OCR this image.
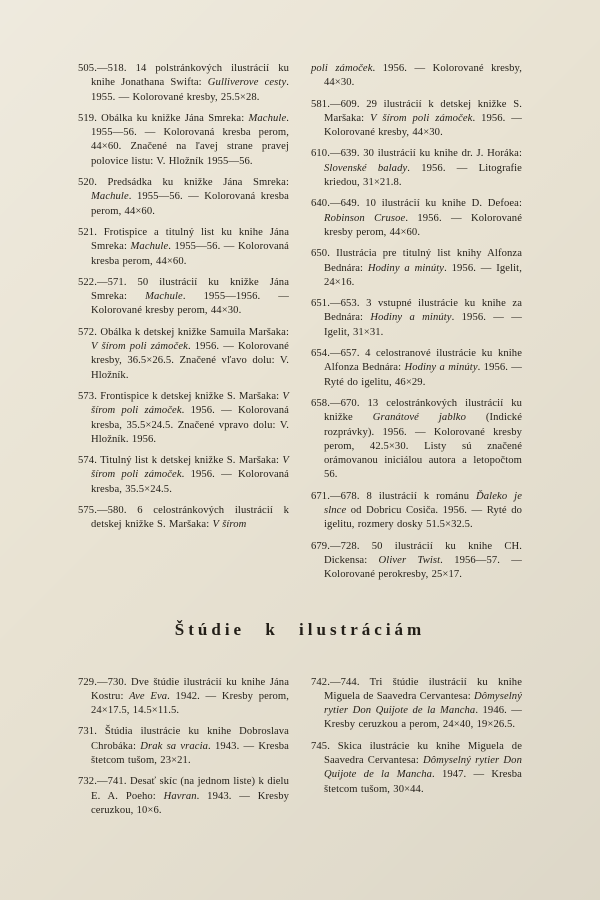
505.—518. 14 polstránkových ilustrácií ku knihe Jonathana Swifta: Gulliverove cesty. 1955. — Kolorované kresby, 25.5×28.

519. Obálka ku knižke Jána Smreka: Machule. 1955—56. — Kolorovaná kresba perom, 44×60. Značené na ľavej strane pravej polovice listu: V. Hložník 1955—56.

520. Predsádka ku knižke Jána Smreka: Machule. 1955—56. — Kolorovaná kresba perom, 44×60.

521. Frotispice a titulný list ku knihe Jána Smreka: Machule. 1955—56. — Kolorovaná kresba perom, 44×60.

522.—571. 50 ilustrácií ku knižke Jána Smreka: Machule. 1955—1956. — Kolorované kresby perom, 44×30.

572. Obálka k detskej knižke Samuila Maršaka: V šírom poli zámoček. 1956. — Kolorované kresby, 36.5×26.5. Značené vľavo dolu: V. Hložník.

573. Frontispice k detskej knižke S. Maršaka: V šírom poli zámoček. 1956. — Kolorovaná kresba, 35.5×24.5. Značené vpravo dolu: V. Hložník. 1956.

574. Titulný list k detskej knižke S. Maršaka: V šírom poli zámoček. 1956. — Kolorovaná kresba, 35.5×24.5.

575.—580. 6 celostránkových ilustrácií k detskej knižke S. Maršaka: V šírom

poli zámoček. 1956. — Kolorované kresby, 44×30.

581.—609. 29 ilustrácií k detskej knižke S. Maršaka: V šírom poli zámoček. 1956. — Kolorované kresby, 44×30.

610.—639. 30 ilustrácií ku knihe dr. J. Horáka: Slovenské balady. 1956. — Litografie kriedou, 31×21.8.

640.—649. 10 ilustrácií ku knihe D. Defoea: Robinson Crusoe. 1956. — Kolorované kresby perom, 44×60.

650. Ilustrácia pre titulný list knihy Alfonza Bednára: Hodiny a minúty. 1956. — Igelit, 24×16.

651.—653. 3 vstupné ilustrácie ku knihe za Bednára: Hodiny a minúty. 1956. — — Igelit, 31×31.

654.—657. 4 celostranové ilustrácie ku knihe Alfonza Bednára: Hodiny a minúty. 1956. — Ryté do igelitu, 46×29.

658.—670. 13 celostránkových ilustrácií ku knižke Granátové jablko (Indické rozprávky). 1956. — Kolorované kresby perom, 42.5×30. Listy sú značené orámovanou iniciálou autora a letopočtom 56.

671.—678. 8 ilustrácií k románu Ďaleko je slnce od Dobricu Cosiča. 1956. — Ryté do igelitu, rozmery dosky 51.5×32.5.

679.—728. 50 ilustrácií ku knihe CH. Dickensa: Oliver Twist. 1956—57. — Kolorované perokresby, 25×17.

Štúdie k ilustráciám

729.—730. Dve štúdie ilustrácií ku knihe Jána Kostru: Ave Eva. 1942. — Kresby perom, 24×17.5, 14.5×11.5.

731. Štúdia ilustrácie ku knihe Dobroslava Chrobáka: Drak sa vracia. 1943. — Kresba štetcom tušom, 23×21.

732.—741. Desať skíc (na jednom liste) k dielu E. A. Poeho: Havran. 1943. — Kresby ceruzkou, 10×6.

742.—744. Tri štúdie ilustrácií ku knihe Miguela de Saavedra Cervantesa: Dômyselný rytier Don Quijote de la Mancha. 1946. — Kresby ceruzkou a perom, 24×40, 19×26.5.

745. Skica ilustrácie ku knihe Miguela de Saavedra Cervantesa: Dômyselný rytier Don Quijote de la Mancha. 1947. — Kresba štetcom tušom, 30×44.
